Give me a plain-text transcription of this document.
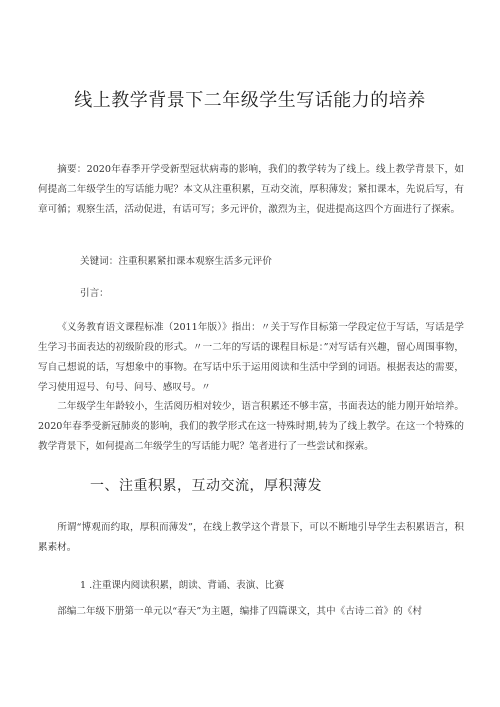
线上教学背景下二年级学生写话能力的培养

摘要：2020年春季开学受新型冠状病毒的影响，我们的教学转为了线上。线上教学背景下，如何提高二年级学生的写话能力呢？本文从注重积累，互动交流，厚积薄发；紧扣课本，先说后写，有章可循；观察生活，活动促进，有话可写；多元评价，激烈为主，促进提高这四个方面进行了探索。

关键词：注重积累紧扣课本观察生活多元评价
引言：

《义务教育语文课程标准（2011年版）》指出：〃关于写作目标第一学段定位于写话，写话是学生学习书面表达的初级阶段的形式。〃一二年的写话的课程目标是：”对写话有兴趣，留心周围事物，写自己想说的话，写想象中的事物。在写话中乐于运用阅读和生活中学到的词语。根据表达的需要，学习使用逗号、句号、问号、感叹号。〃

二年级学生年龄较小，生活阅历相对较少，语言积累还不够丰富，书面表达的能力刚开始培养。2020年春季受新冠肺炎的影响，我们的教学形式在这一特殊时期,转为了线上教学。在这一个特殊的教学背景下，如何提高二年级学生的写话能力呢？笔者进行了一些尝试和探索。

一、注重积累，互动交流，厚积薄发

所谓“博观而约取，厚积而薄发”，在线上教学这个背景下，可以不断地引导学生去积累语言，积累素材。

1 .注重课内阅读积累，朗读、背诵、表演、比赛

部编二年级下册第一单元以“春天”为主题，编排了四篇课文，其中《古诗二首》的《村
